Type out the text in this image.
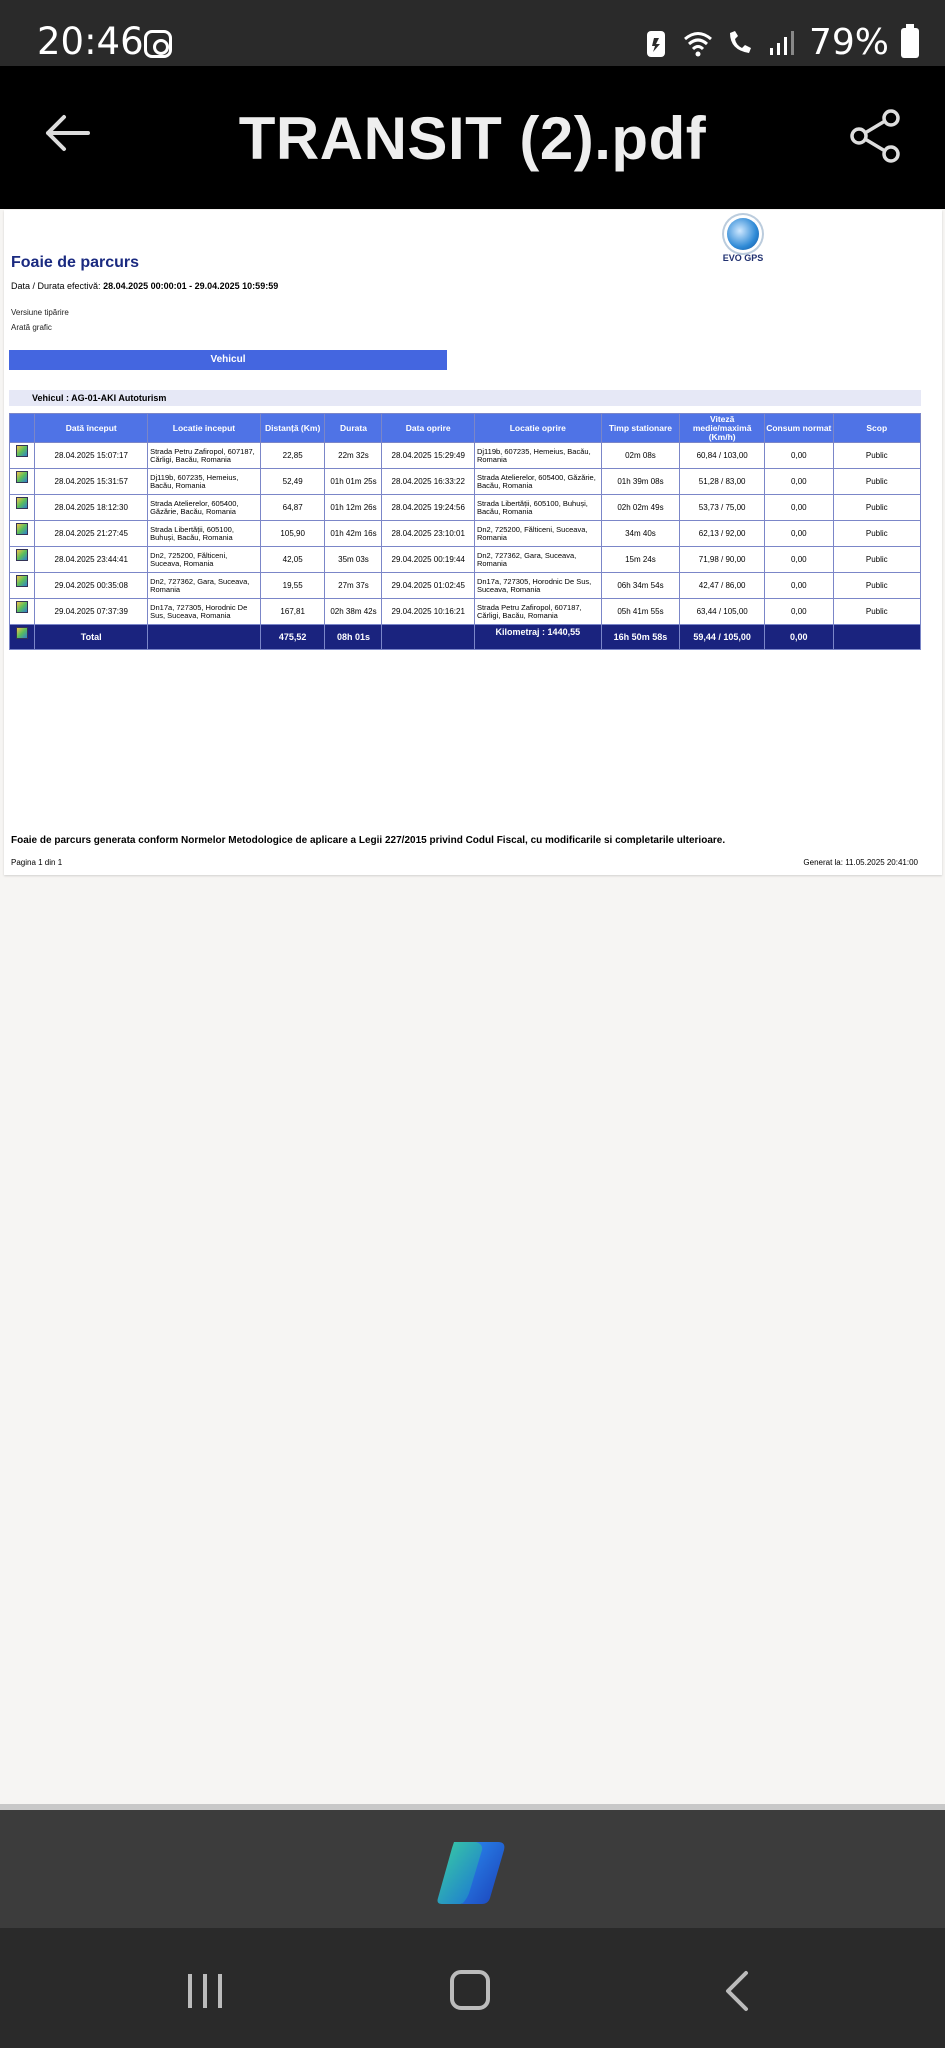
20:46	79%
TRANSIT (2).pdf
EVO GPS
Foaie de parcurs
Data / Durata efectivă: 28.04.2025 00:00:01 - 29.04.2025 10:59:59
Versiune tipărire
Arată grafic
Vehicul
Vehicul : AG-01-AKI Autoturism
	Dată început	Locatie inceput	Distanță (Km)	Durata	Data oprire	Locatie oprire	Timp stationare	Viteză medie/maximă (Km/h)	Consum normat	Scop

	28.04.2025 15:07:17	Strada Petru Zafiropol, 607187, Cărligi, Bacău, Romania	22,85	22m 32s	28.04.2025 15:29:49	Dj119b, 607235, Hemeius, Bacău, Romania	02m 08s	60,84 / 103,00	0,00	Public

	28.04.2025 15:31:57	Dj119b, 607235, Hemeius, Bacău, Romania	52,49	01h 01m 25s	28.04.2025 16:33:22	Strada Atelierelor, 605400, Găzărie, Bacău, Romania	01h 39m 08s	51,28 / 83,00	0,00	Public

	28.04.2025 18:12:30	Strada Atelierelor, 605400, Găzărie, Bacău, Romania	64,87	01h 12m 26s	28.04.2025 19:24:56	Strada Libertății, 605100, Buhuși, Bacău, Romania	02h 02m 49s	53,73 / 75,00	0,00	Public

	28.04.2025 21:27:45	Strada Libertății, 605100, Buhuși, Bacău, Romania	105,90	01h 42m 16s	28.04.2025 23:10:01	Dn2, 725200, Fălticeni, Suceava, Romania	34m 40s	62,13 / 92,00	0,00	Public

	28.04.2025 23:44:41	Dn2, 725200, Fălticeni, Suceava, Romania	42,05	35m 03s	29.04.2025 00:19:44	Dn2, 727362, Gara, Suceava, Romania	15m 24s	71,98 / 90,00	0,00	Public

	29.04.2025 00:35:08	Dn2, 727362, Gara, Suceava, Romania	19,55	27m 37s	29.04.2025 01:02:45	Dn17a, 727305, Horodnic De Sus, Suceava, Romania	06h 34m 54s	42,47 / 86,00	0,00	Public

	29.04.2025 07:37:39	Dn17a, 727305, Horodnic De Sus, Suceava, Romania	167,81	02h 38m 42s	29.04.2025 10:16:21	Strada Petru Zafiropol, 607187, Cărligi, Bacău, Romania	05h 41m 55s	63,44 / 105,00	0,00	Public

	Total		475,52	08h 01s		Kilometraj : 1440,55	16h 50m 58s	59,44 / 105,00	0,00	
Foaie de parcurs generata conform Normelor Metodologice de aplicare a Legii 227/2015 privind Codul Fiscal, cu modificarile si completarile ulterioare.
Pagina 1 din 1	Generat la: 11.05.2025 20:41:00
